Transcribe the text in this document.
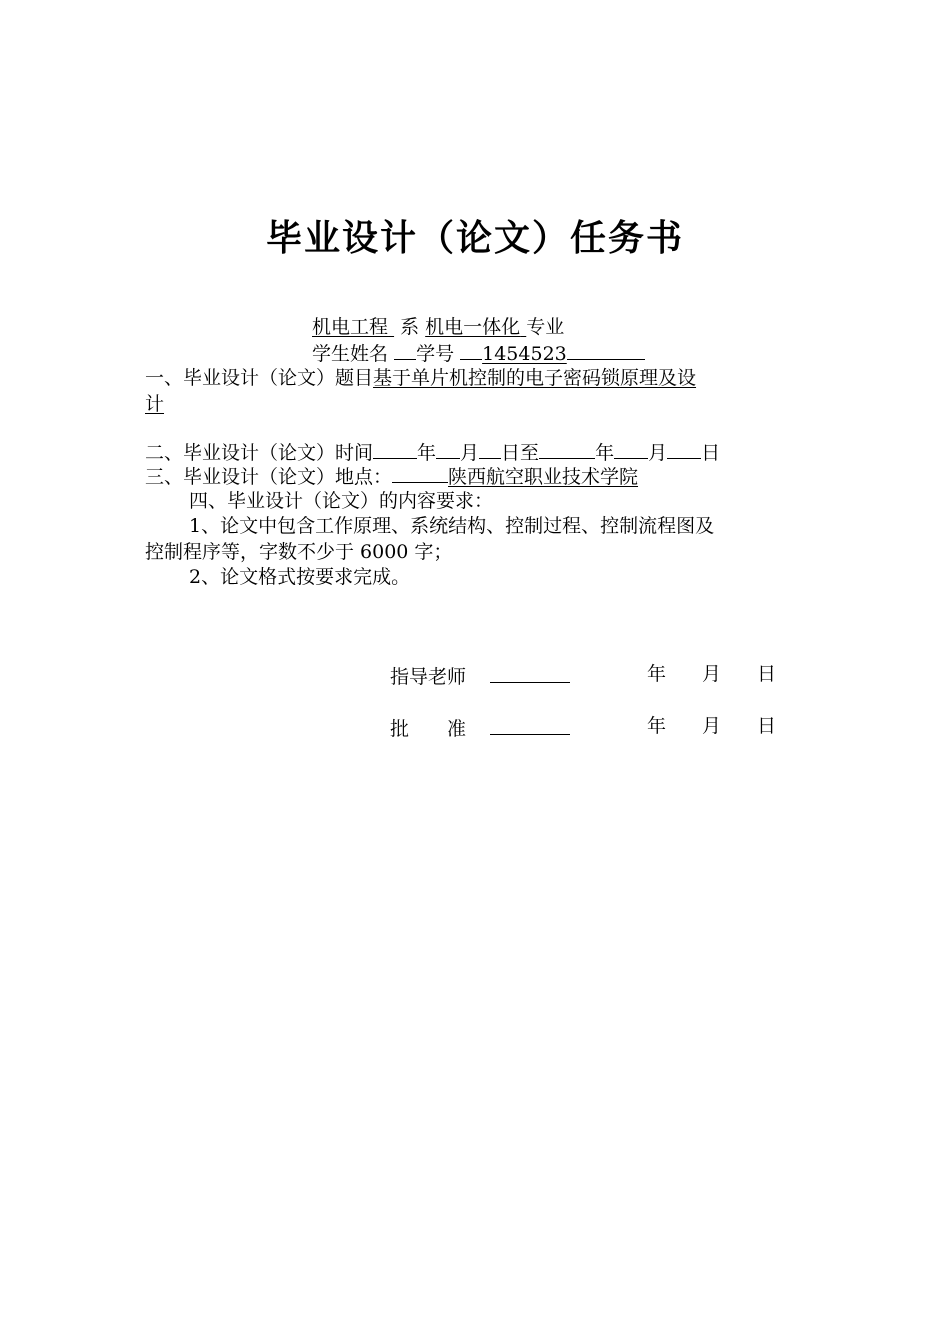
毕业设计（论文）任务书
机电工程 系 机电一体化 专业
学生姓名 学号 1454523
一、毕业设计（论文）题目基于单片机控制的电子密码锁原理及设
计
二、毕业设计（论文）时间 年 月 日至	年 月 日
三、毕业设计（论文）地点：	陕西航空职业技术学院
四、毕业设计（论文）的内容要求：
1、论文中包含工作原理、系统结构、控制过程、控制流程图及
控制程序等，字数不少于 6000 字；
2、论文格式按要求完成。
指导老师	年 月 日
批　　准	年 月 日
